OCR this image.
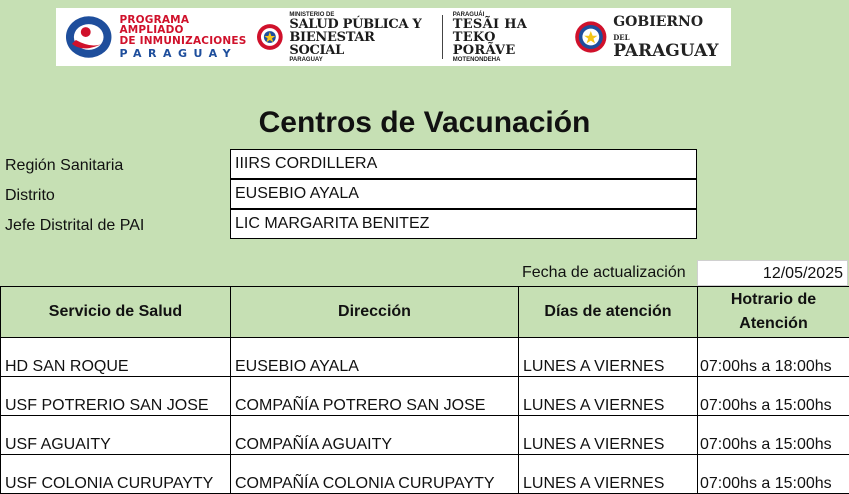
PROGRAMA AMPLIADO
DE INMUNIZACIONES
PARAGUAY
MINISTERIO DE
SALUD PÚBLICA Y
BIENESTAR SOCIAL
PARAGUAY
PARAGUÁI
TESÃI HA TEKO
PORÃVE
MOTENONDEHA
GOBIERNO DEL
PARAGUAY
Centros de Vacunación
Región Sanitaria	IIIRS CORDILLERA
Distrito	EUSEBIO AYALA
Jefe Distrital de PAI	LIC MARGARITA BENITEZ
Fecha de actualización	12/05/2025
Servicio de Salud	Dirección	Días de atención	Hotrario de Atención
HD SAN ROQUE	EUSEBIO AYALA	LUNES A VIERNES	07:00hs a 18:00hs
USF POTRERIO SAN JOSE	COMPAÑÍA POTRERO SAN JOSE	LUNES A VIERNES	07:00hs a 15:00hs
USF AGUAITY	COMPAÑÍA AGUAITY	LUNES A VIERNES	07:00hs a 15:00hs
USF COLONIA CURUPAYTY	COMPAÑÍA COLONIA CURUPAYTY	LUNES A VIERNES	07:00hs a 15:00hs
